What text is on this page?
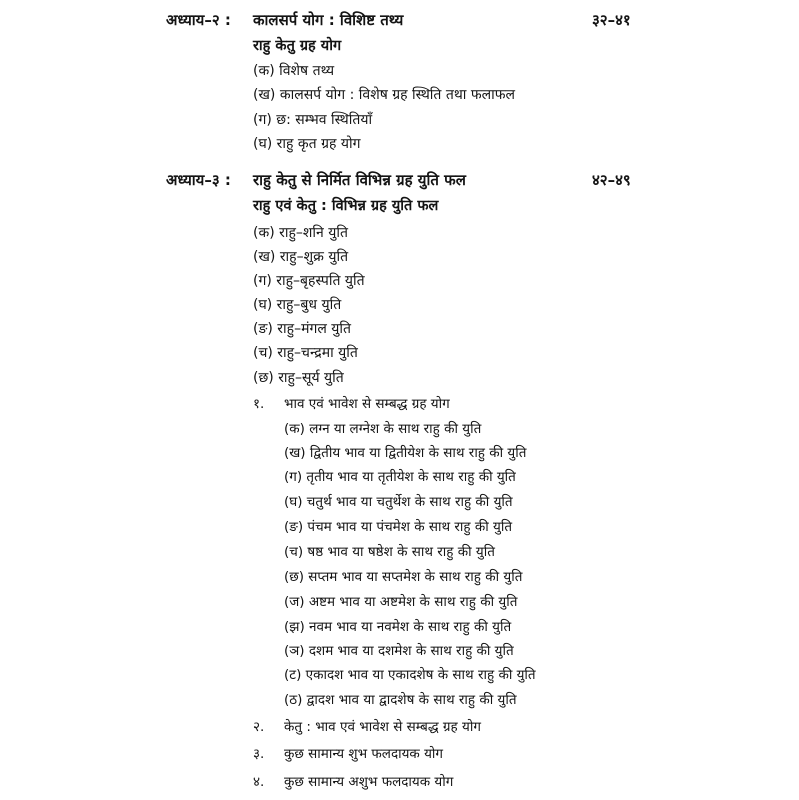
अध्याय–२ : कालसर्प योग : विशिष्ट तथ्य	३२–४१
राहु केतु ग्रह योग
(क) विशेष तथ्य
(ख) कालसर्प योग : विशेष ग्रह स्थिति तथा फलाफल
(ग) छ: सम्भव स्थितियाँ
(घ) राहु कृत ग्रह योग
अध्याय–३ : राहु केतु से निर्मित विभिन्न ग्रह युति फल	४२–४९
राहु एवं केतु : विभिन्न ग्रह युति फल
(क) राहु–शनि युति
(ख) राहु–शुक्र युति
(ग) राहु–बृहस्पति युति
(घ) राहु–बुध युति
(ङ) राहु–मंगल युति
(च) राहु–चन्द्रमा युति
(छ) राहु–सूर्य युति
१. भाव एवं भावेश से सम्बद्ध ग्रह योग
(क) लग्न या लग्नेश के साथ राहु की युति
(ख) द्वितीय भाव या द्वितीयेश के साथ राहु की युति
(ग) तृतीय भाव या तृतीयेश के साथ राहु की युति
(घ) चतुर्थ भाव या चतुर्थेश के साथ राहु की युति
(ङ) पंचम भाव या पंचमेश के साथ राहु की युति
(च) षष्ठ भाव या षष्ठेश के साथ राहु की युति
(छ) सप्तम भाव या सप्तमेश के साथ राहु की युति
(ज) अष्टम भाव या अष्टमेश के साथ राहु की युति
(झ) नवम भाव या नवमेश के साथ राहु की युति
(ञ) दशम भाव या दशमेश के साथ राहु की युति
(ट) एकादश भाव या एकादशेष के साथ राहु की युति
(ठ) द्वादश भाव या द्वादशेष के साथ राहु की युति
२. केतु : भाव एवं भावेश से सम्बद्ध ग्रह योग
३. कुछ सामान्य शुभ फलदायक योग
४. कुछ सामान्य अशुभ फलदायक योग
